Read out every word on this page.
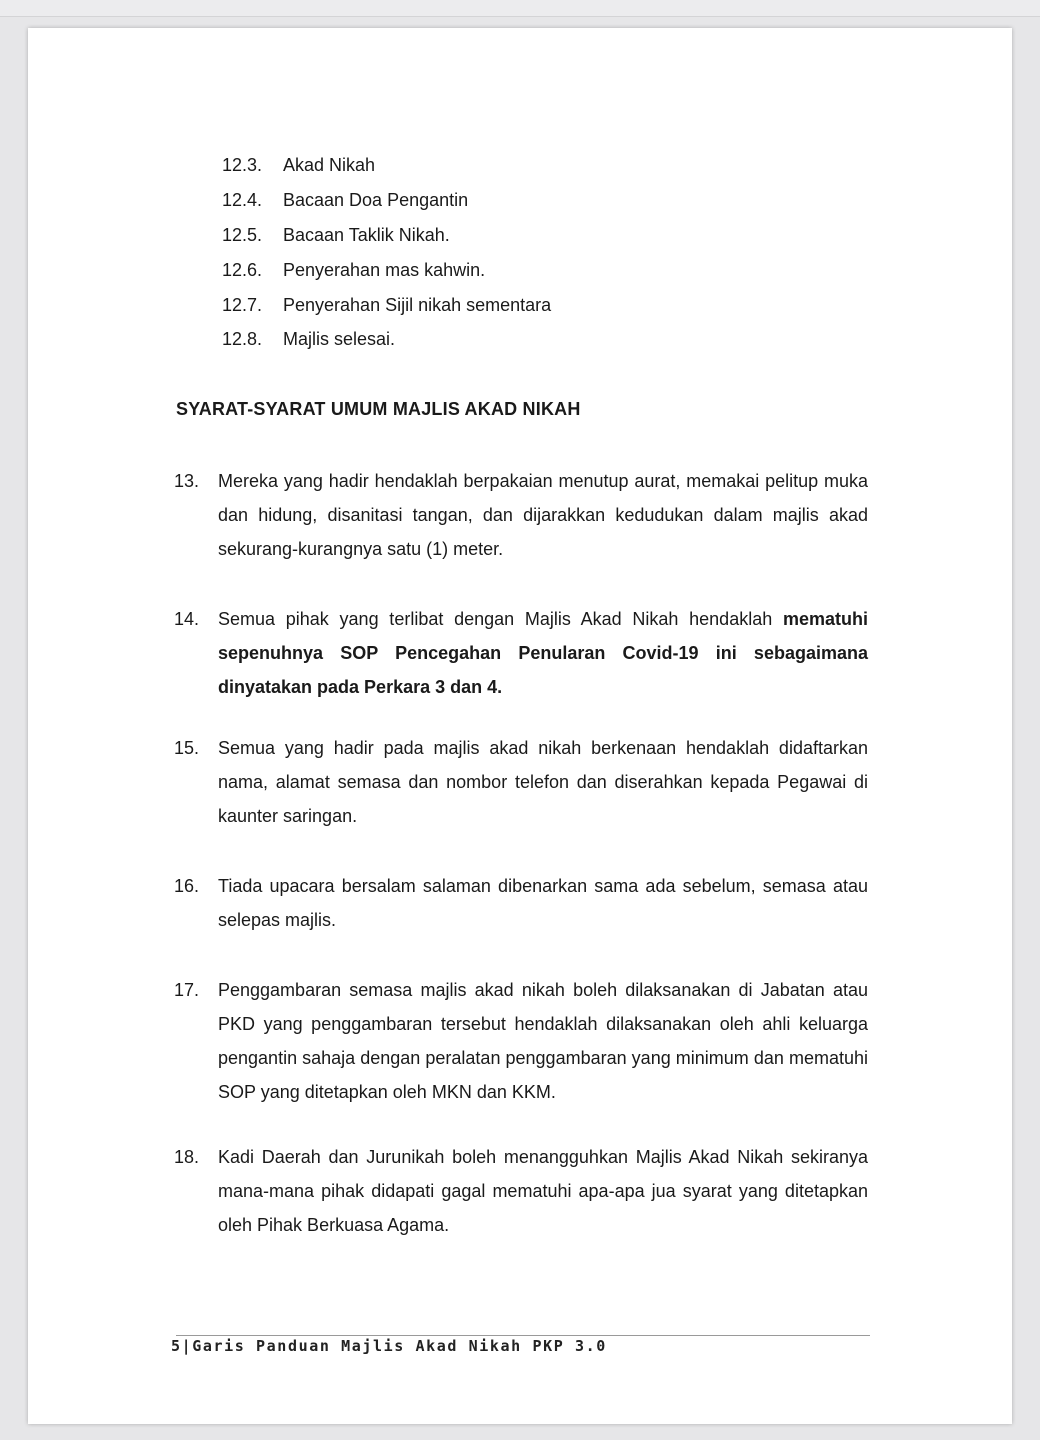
12.3. Akad Nikah
12.4. Bacaan Doa Pengantin
12.5. Bacaan Taklik Nikah.
12.6. Penyerahan mas kahwin.
12.7. Penyerahan Sijil nikah sementara
12.8. Majlis selesai.
SYARAT-SYARAT UMUM MAJLIS AKAD NIKAH
13. Mereka yang hadir hendaklah berpakaian menutup aurat, memakai pelitup muka dan hidung, disanitasi tangan, dan dijarakkan kedudukan dalam majlis akad sekurang-kurangnya satu (1) meter.
14. Semua pihak yang terlibat dengan Majlis Akad Nikah hendaklah mematuhi sepenuhnya SOP Pencegahan Penularan Covid-19 ini sebagaimana dinyatakan pada Perkara 3 dan 4.
15. Semua yang hadir pada majlis akad nikah berkenaan hendaklah didaftarkan nama, alamat semasa dan nombor telefon dan diserahkan kepada Pegawai di kaunter saringan.
16. Tiada upacara bersalam salaman dibenarkan sama ada sebelum, semasa atau selepas majlis.
17. Penggambaran semasa majlis akad nikah boleh dilaksanakan di Jabatan atau PKD yang penggambaran tersebut hendaklah dilaksanakan oleh ahli keluarga pengantin sahaja dengan peralatan penggambaran yang minimum dan mematuhi SOP yang ditetapkan oleh MKN dan KKM.
18. Kadi Daerah dan Jurunikah boleh menangguhkan Majlis Akad Nikah sekiranya mana-mana pihak didapati gagal mematuhi apa-apa jua syarat yang ditetapkan oleh Pihak Berkuasa Agama.
5|Garis Panduan Majlis Akad Nikah PKP 3.0
